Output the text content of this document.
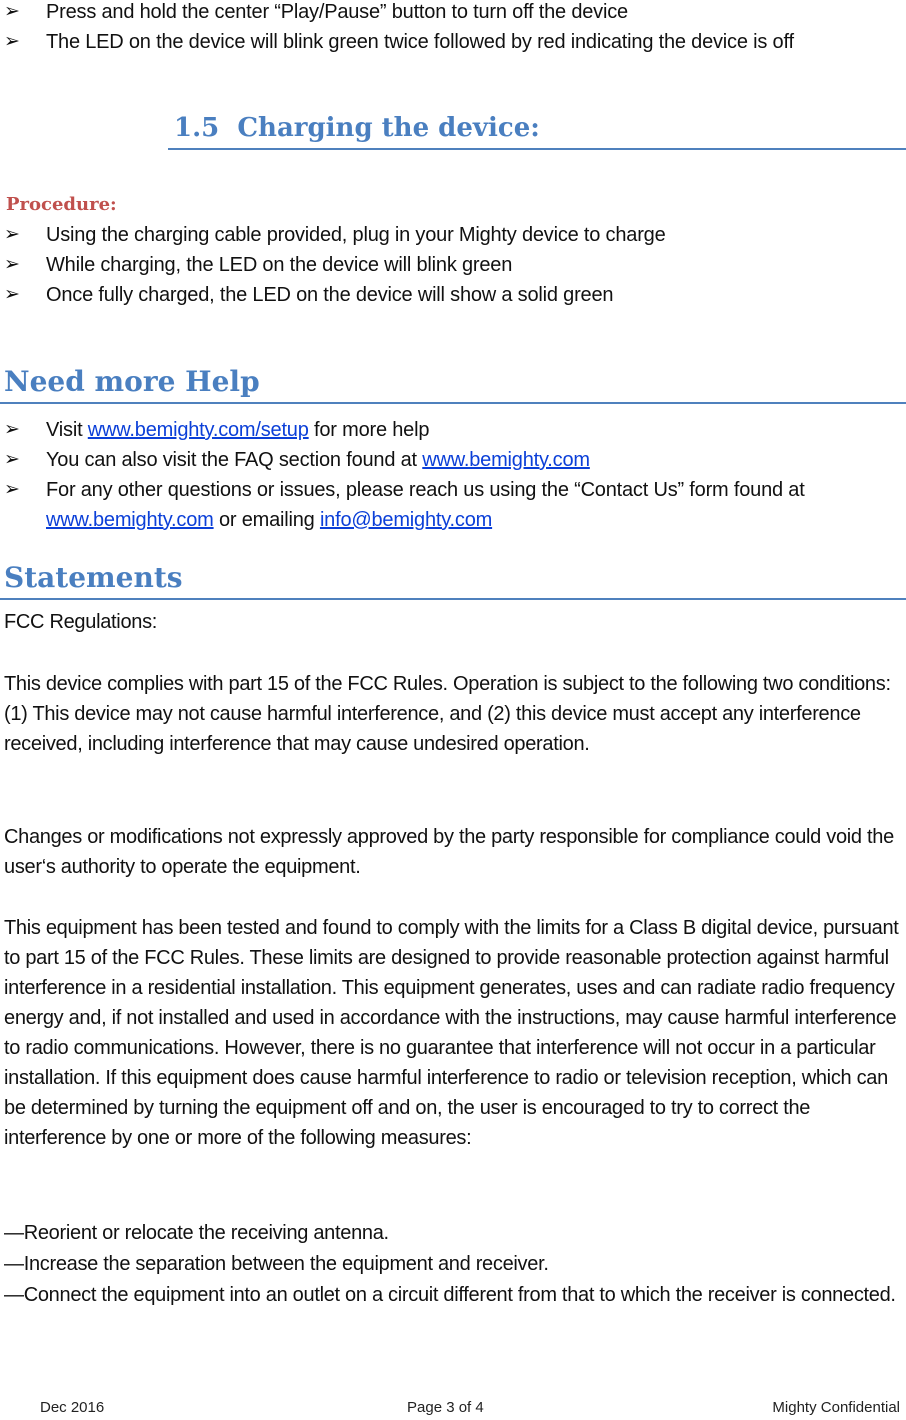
➢ Press and hold the center “Play/Pause” button to turn off the device
➢ The LED on the device will blink green twice followed by red indicating the device is off
1.5 Charging the device:
Procedure:
➢ Using the charging cable provided, plug in your Mighty device to charge
➢ While charging, the LED on the device will blink green
➢ Once fully charged, the LED on the device will show a solid green
Need more Help
➢ Visit www.bemighty.com/setup for more help
➢ You can also visit the FAQ section found at www.bemighty.com
➢ For any other questions or issues, please reach us using the “Contact Us” form found at www.bemighty.com or emailing info@bemighty.com
Statements

FCC Regulations:

This device complies with part 15 of the FCC Rules. Operation is subject to the following two conditions: (1) This device may not cause harmful interference, and (2) this device must accept any interference received, including interference that may cause undesired operation.

Changes or modifications not expressly approved by the party responsible for compliance could void the user‘s authority to operate the equipment.

This equipment has been tested and found to comply with the limits for a Class B digital device, pursuant to part 15 of the FCC Rules. These limits are designed to provide reasonable protection against harmful interference in a residential installation. This equipment generates, uses and can radiate radio frequency energy and, if not installed and used in accordance with the instructions, may cause harmful interference to radio communications. However, there is no guarantee that interference will not occur in a particular installation. If this equipment does cause harmful interference to radio or television reception, which can be determined by turning the equipment off and on, the user is encouraged to try to correct the interference by one or more of the following measures:

—Reorient or relocate the receiving antenna.

—Increase the separation between the equipment and receiver.

—Connect the equipment into an outlet on a circuit different from that to which the receiver is connected.

Dec 2016	Page 3 of 4	Mighty Confidential
